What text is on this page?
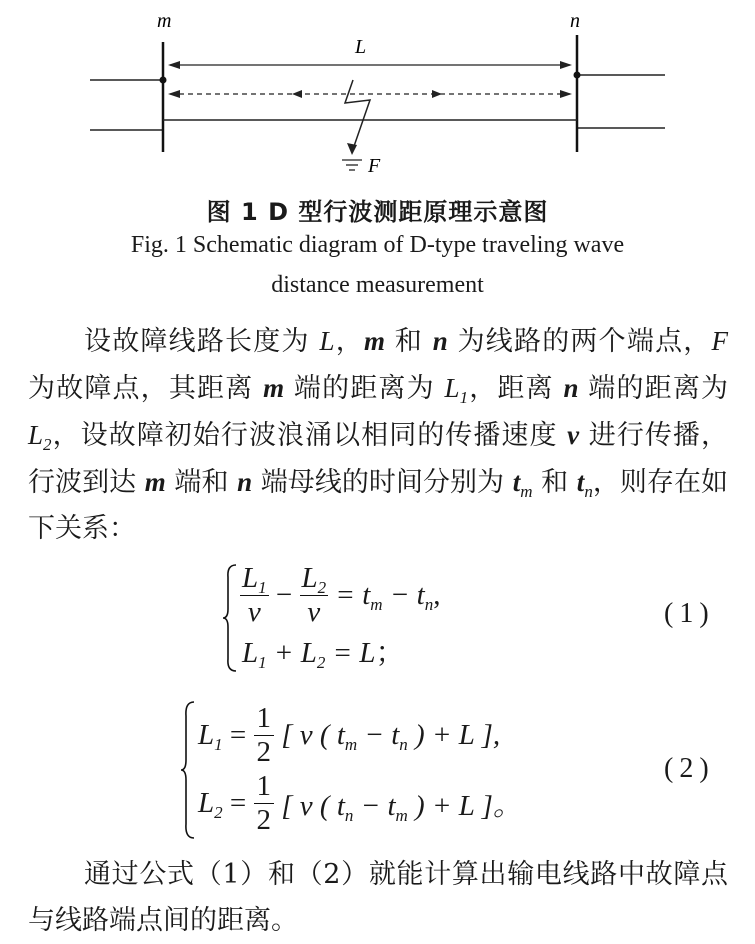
m	n
L
F
图 1 D 型行波测距原理示意图
Fig. 1 Schematic diagram of D-type traveling wave
distance measurement
设故障线路长度为 L，m 和 n 为线路的两个端点，F 为故障点，其距离 m 端的距离为 $L_1$，距离 n 端的距离为 $L_2$，设故障初始行波浪涌以相同的传播速度 v 进行传播，行波到达 m 端和 n 端母线的时间分别为 $t_m$ 和 $t_n$，则存在如下关系：
$\frac{L_1}{v} - \frac{L_2}{v} = t_m - t_n$,
$L_1 + L_2 = L$；
(1)
$L_1 = \frac{1}{2}$ [ v ( $t_m - t_n$ ) + L ],
$L_2 = \frac{1}{2}$ [ v ( $t_n - t_m$ ) + L ]。
(2)
通过公式（1）和（2）就能计算出输电线路中故障点与线路端点间的距离。
